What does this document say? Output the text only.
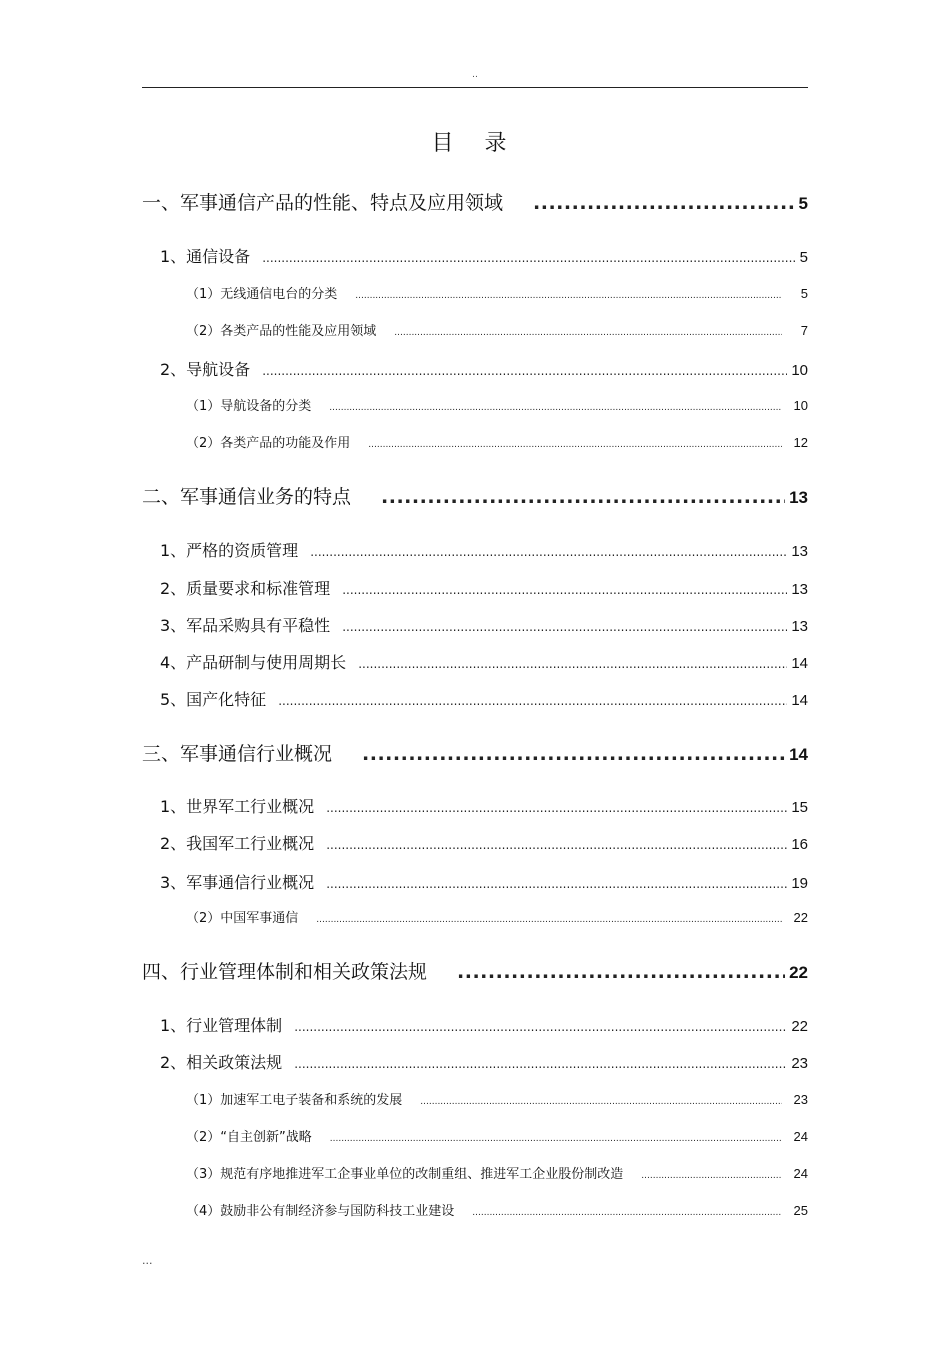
..
目 录
一、军事通信产品的性能、特点及应用领域 .....	5
1、通信设备 .....	5
（1）无线通信电台的分类 .....	5
（2）各类产品的性能及应用领域 .....	7
2、导航设备 .....	10
（1）导航设备的分类 .....	10
（2）各类产品的功能及作用 .....	12
二、军事通信业务的特点 .....	13
1、严格的资质管理 .....	13
2、质量要求和标准管理 .....	13
3、军品采购具有平稳性 .....	13
4、产品研制与使用周期长 .....	14
5、国产化特征 .....	14
三、军事通信行业概况 .....	14
1、世界军工行业概况 .....	15
2、我国军工行业概况 .....	16
3、军事通信行业概况 .....	19
（2）中国军事通信 .....	22
四、行业管理体制和相关政策法规 .....	22
1、行业管理体制 .....	22
2、相关政策法规 .....	23
（1）加速军工电子装备和系统的发展 .....	23
（2）“自主创新”战略 .....	24
（3）规范有序地推进军工企事业单位的改制重组、推进军工企业股份制改造 .....	24
（4）鼓励非公有制经济参与国防科技工业建设 .....	25
...
